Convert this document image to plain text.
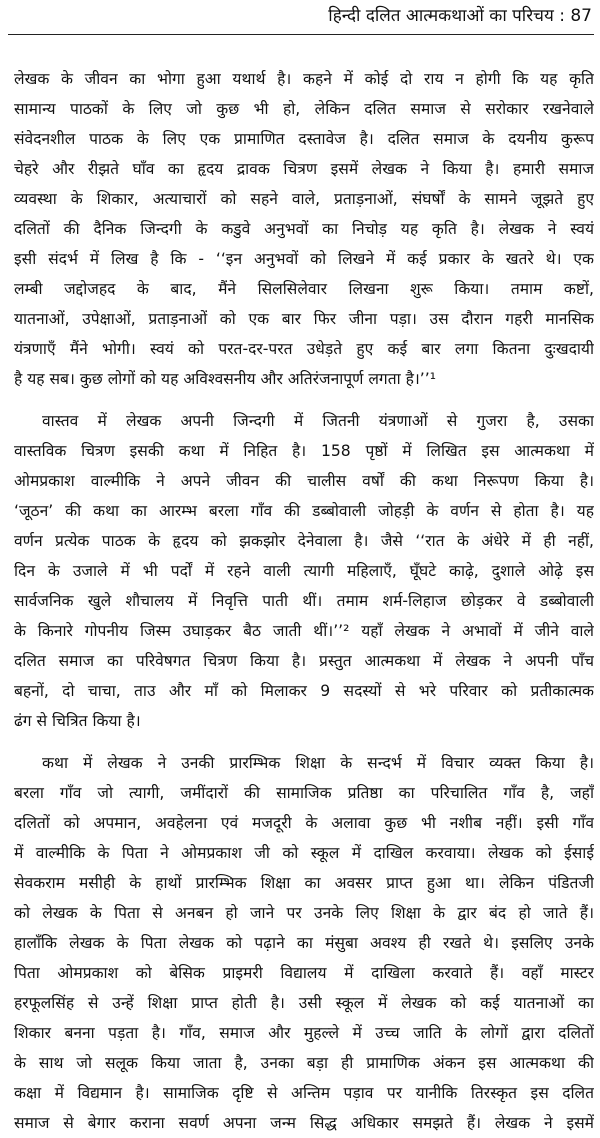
हिन्दी दलित आत्मकथाओं का परिचय : 87
लेखक के जीवन का भोगा हुआ यथार्थ है। कहने में कोई दो राय न होगी कि यह कृति
सामान्य पाठकों के लिए जो कुछ भी हो, लेकिन दलित समाज से सरोकार रखनेवाले
संवेदनशील पाठक के लिए एक प्रामाणित दस्तावेज है। दलित समाज के दयनीय कुरूप
चेहरे और रीझते घाँव का हृदय द्रावक चित्रण इसमें लेखक ने किया है। हमारी समाज
व्यवस्था के शिकार, अत्याचारों को सहने वाले, प्रताड़नाओं, संघर्षों के सामने जूझते हुए
दलितों की दैनिक जिन्दगी के कडुवे अनुभवों का निचोड़ यह कृति है। लेखक ने स्वयं
इसी संदर्भ में लिख है कि - ‘‘इन अनुभवों को लिखने में कई प्रकार के खतरे थे। एक
लम्बी जद्दोजहद के बाद, मैंने सिलसिलेवार लिखना शुरू किया। तमाम कष्टों,
यातनाओं, उपेक्षाओं, प्रताड़नाओं को एक बार फिर जीना पड़ा। उस दौरान गहरी मानसिक
यंत्रणाएँ मैंने भोगी। स्वयं को परत-दर-परत उधेड़ते हुए कई बार लगा कितना दुःखदायी
है यह सब। कुछ लोगों को यह अविश्वसनीय और अतिरंजनापूर्ण लगता है।’’¹
वास्तव में लेखक अपनी जिन्दगी में जितनी यंत्रणाओं से गुजरा है, उसका
वास्तविक चित्रण इसकी कथा में निहित है। 158 पृष्ठों में लिखित इस आत्मकथा में
ओमप्रकाश वाल्मीकि ने अपने जीवन की चालीस वर्षों की कथा निरूपण किया है।
‘जूठन’ की कथा का आरम्भ बरला गाँव की डब्बोवाली जोहड़ी के वर्णन से होता है। यह
वर्णन प्रत्येक पाठक के हृदय को झकझोर देनेवाला है। जैसे ‘‘रात के अंधेरे में ही नहीं,
दिन के उजाले में भी पर्दों में रहने वाली त्यागी महिलाएँ, घूँघटे काढ़े, दुशाले ओढ़े इस
सार्वजनिक खुले शौचालय में निवृत्ति पाती थीं। तमाम शर्म-लिहाज छोड़कर वे डब्बोवाली
के किनारे गोपनीय जिस्म उघाड़कर बैठ जाती थीं।’’² यहाँ लेखक ने अभावों में जीने वाले
दलित समाज का परिवेषगत चित्रण किया है। प्रस्तुत आत्मकथा में लेखक ने अपनी पाँच
बहनों, दो चाचा, ताउ और माँ को मिलाकर 9 सदस्यों से भरे परिवार को प्रतीकात्मक
ढंग से चित्रित किया है।
कथा में लेखक ने उनकी प्रारम्भिक शिक्षा के सन्दर्भ में विचार व्यक्त किया है।
बरला गाँव जो त्यागी, जमींदारों की सामाजिक प्रतिष्ठा का परिचालित गाँव है, जहाँ
दलितों को अपमान, अवहेलना एवं मजदूरी के अलावा कुछ भी नशीब नहीं। इसी गाँव
में वाल्मीकि के पिता ने ओमप्रकाश जी को स्कूल में दाखिल करवाया। लेखक को ईसाई
सेवकराम मसीही के हाथों प्रारम्भिक शिक्षा का अवसर प्राप्त हुआ था। लेकिन पंडितजी
को लेखक के पिता से अनबन हो जाने पर उनके लिए शिक्षा के द्वार बंद हो जाते हैं।
हालाँकि लेखक के पिता लेखक को पढ़ाने का मंसुबा अवश्य ही रखते थे। इसलिए उनके
पिता ओमप्रकाश को बेसिक प्राइमरी विद्यालय में दाखिला करवाते हैं। वहाँ मास्टर
हरफूलसिंह से उन्हें शिक्षा प्राप्त होती है। उसी स्कूल में लेखक को कई यातनाओं का
शिकार बनना पड़ता है। गाँव, समाज और मुहल्ले में उच्च जाति के लोगों द्वारा दलितों
के साथ जो सलूक किया जाता है, उनका बड़ा ही प्रामाणिक अंकन इस आत्मकथा की
कक्षा में विद्यमान है। सामाजिक दृष्टि से अन्तिम पड़ाव पर यानीकि तिरस्कृत इस दलित
समाज से बेगार कराना सवर्ण अपना जन्म सिद्ध अधिकार समझते हैं। लेखक ने इसमें
